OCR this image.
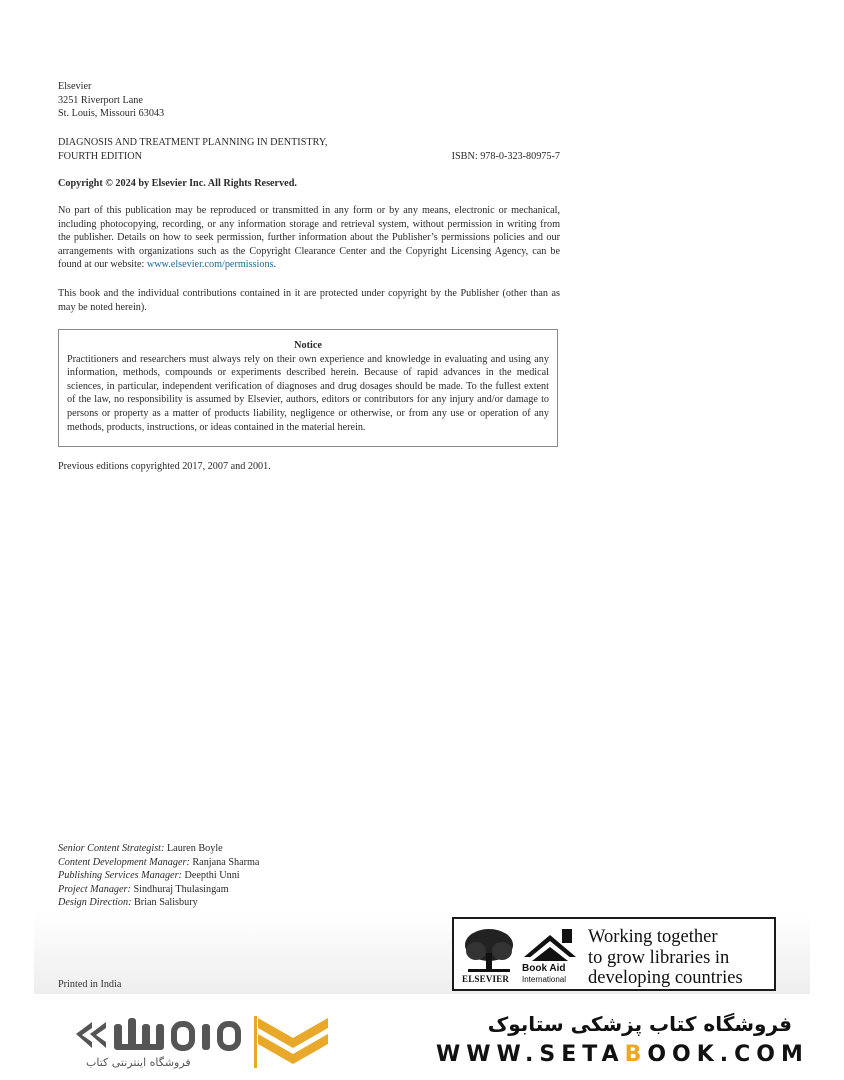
Elsevier
3251 Riverport Lane
St. Louis, Missouri 63043
DIAGNOSIS AND TREATMENT PLANNING IN DENTISTRY,
FOURTH EDITION	ISBN: 978-0-323-80975-7
Copyright © 2024 by Elsevier Inc. All Rights Reserved.
No part of this publication may be reproduced or transmitted in any form or by any means, electronic or mechanical, including photocopying, recording, or any information storage and retrieval system, without permission in writing from the publisher. Details on how to seek permission, further information about the Publisher’s permissions policies and our arrangements with organizations such as the Copyright Clearance Center and the Copyright Licensing Agency, can be found at our website: www.elsevier.com/permissions.
This book and the individual contributions contained in it are protected under copyright by the Publisher (other than as may be noted herein).
Notice
Practitioners and researchers must always rely on their own experience and knowledge in evaluating and using any information, methods, compounds or experiments described herein. Because of rapid advances in the medical sciences, in particular, independent verification of diagnoses and drug dosages should be made. To the fullest extent of the law, no responsibility is assumed by Elsevier, authors, editors or contributors for any injury and/or damage to persons or property as a matter of products liability, negligence or otherwise, or from any use or operation of any methods, products, instructions, or ideas contained in the material herein.
Previous editions copyrighted 2017, 2007 and 2001.
Senior Content Strategist: Lauren Boyle
Content Development Manager: Ranjana Sharma
Publishing Services Manager: Deepthi Unni
Project Manager: Sindhuraj Thulasingam
Design Direction: Brian Salisbury
Printed in India	ELSEVIER
Book Aid
International
Working together
to grow libraries in
developing countries
فروشگاه اینترنتی کتاب
فروشگاه کتاب پزشکی ستابوک
WWW.SETABOOK.COM
